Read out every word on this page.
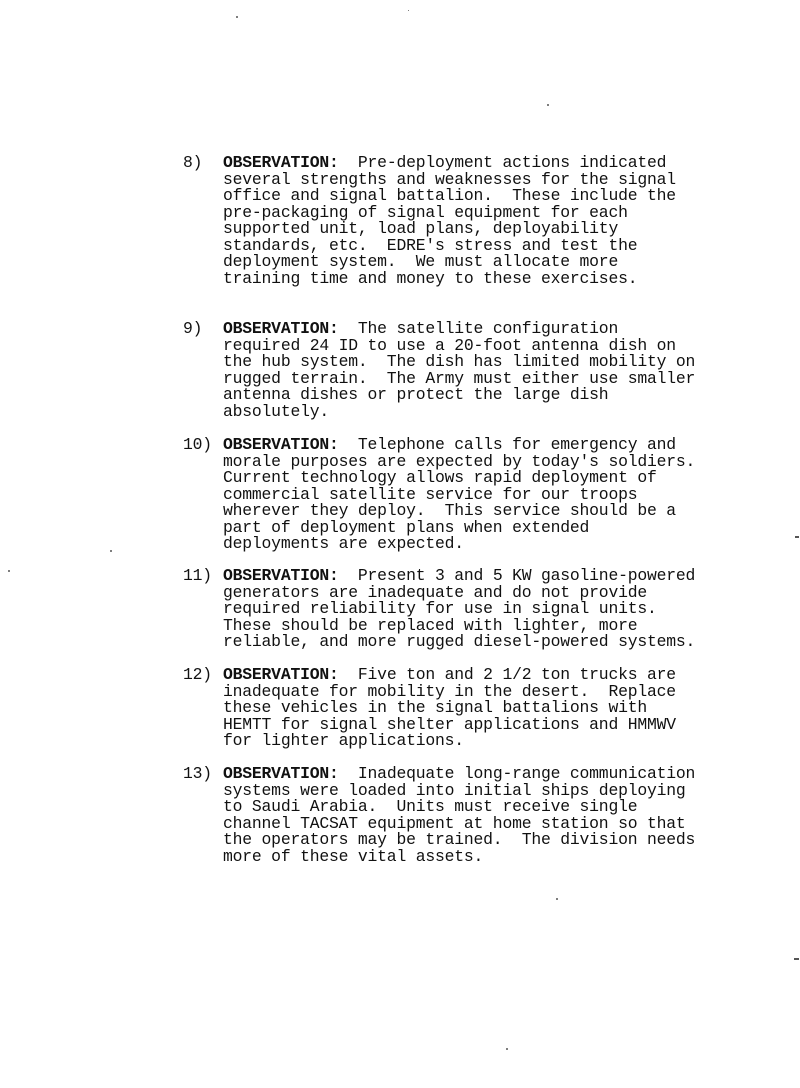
8)	OBSERVATION:  Pre-deployment actions indicated
several strengths and weaknesses for the signal
office and signal battalion.  These include the
pre-packaging of signal equipment for each
supported unit, load plans, deployability
standards, etc.  EDRE's stress and test the
deployment system.  We must allocate more
training time and money to these exercises.
9)	OBSERVATION:  The satellite configuration
required 24 ID to use a 20-foot antenna dish on
the hub system.  The dish has limited mobility on
rugged terrain.  The Army must either use smaller
antenna dishes or protect the large dish
absolutely.
10) OBSERVATION:  Telephone calls for emergency and
morale purposes are expected by today's soldiers.
Current technology allows rapid deployment of
commercial satellite service for our troops
wherever they deploy.  This service should be a
part of deployment plans when extended
deployments are expected.
11) OBSERVATION:  Present 3 and 5 KW gasoline-powered
generators are inadequate and do not provide
required reliability for use in signal units.
These should be replaced with lighter, more
reliable, and more rugged diesel-powered systems.
12) OBSERVATION:  Five ton and 2 1/2 ton trucks are
inadequate for mobility in the desert.  Replace
these vehicles in the signal battalions with
HEMTT for signal shelter applications and HMMWV
for lighter applications.
13) OBSERVATION:  Inadequate long-range communication
systems were loaded into initial ships deploying
to Saudi Arabia.  Units must receive single
channel TACSAT equipment at home station so that
the operators may be trained.  The division needs
more of these vital assets.
